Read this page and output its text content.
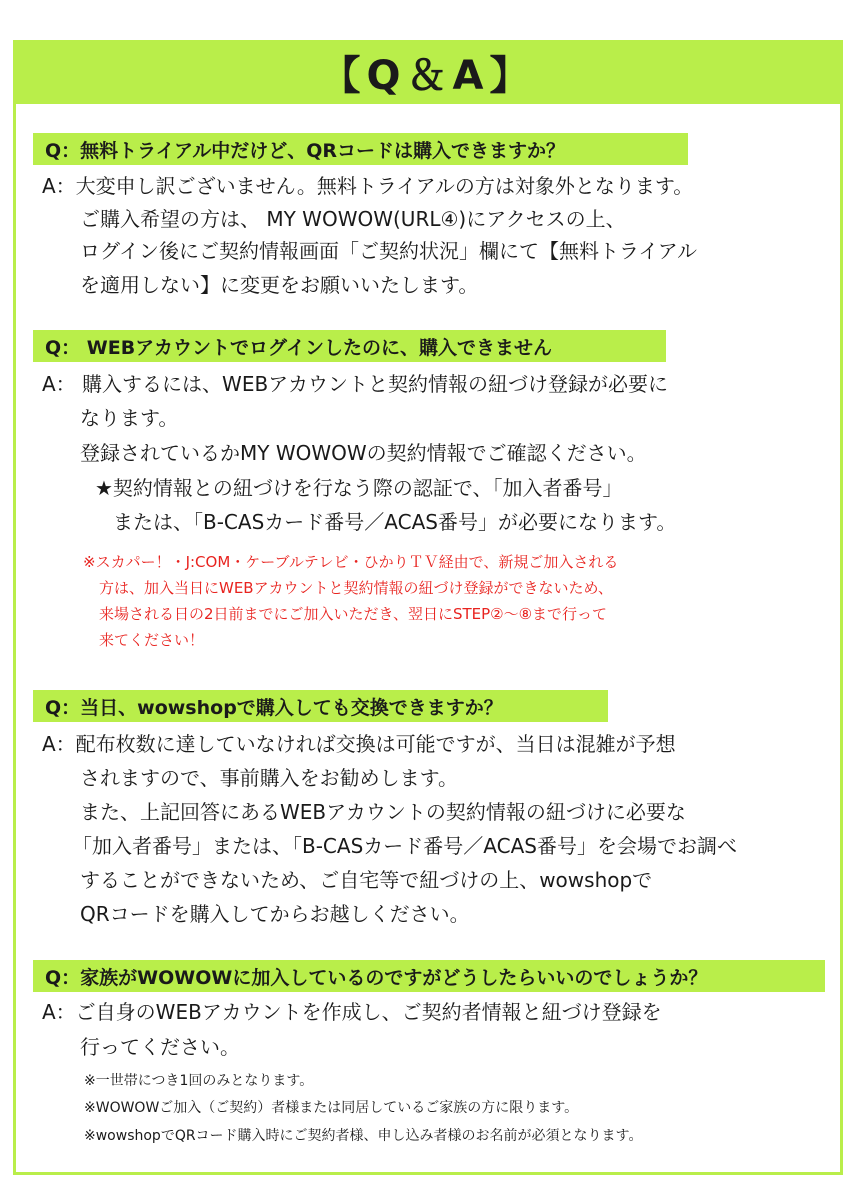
【Q＆A】
Q：無料トライアル中だけど、QRコードは購入できますか？
A：大変申し訳ございません。無料トライアルの方は対象外となります。
ご購入希望の方は、 MY WOWOW(URL④)にアクセスの上、
ログイン後にご契約情報画面「ご契約状況」欄にて【無料トライアル
を適用しない】に変更をお願いいたします。
Q： WEBアカウントでログインしたのに、購入できません
A： 購入するには、WEBアカウントと契約情報の紐づけ登録が必要に
なります。
登録されているかMY WOWOWの契約情報でご確認ください。
★契約情報との紐づけを行なう際の認証で、「加入者番号」
または、「B-CASカード番号／ACAS番号」が必要になります。
※スカパー！・J:COM・ケーブルテレビ・ひかりＴＶ経由で、新規ご加入される
方は、加入当日にWEBアカウントと契約情報の紐づけ登録ができないため、
来場される日の2日前までにご加入いただき、翌日にSTEP②〜⑧まで行って
来てください！
Q：当日、wowshopで購入しても交換できますか？
A：配布枚数に達していなければ交換は可能ですが、当日は混雑が予想
されますので、事前購入をお勧めします。
また、上記回答にあるWEBアカウントの契約情報の紐づけに必要な
「加入者番号」または、「B-CASカード番号／ACAS番号」を会場でお調べ
することができないため、ご自宅等で紐づけの上、wowshopで
QRコードを購入してからお越しください。
Q：家族がWOWOWに加入しているのですがどうしたらいいのでしょうか？
A：ご自身のWEBアカウントを作成し、ご契約者情報と紐づけ登録を
行ってください。
※一世帯につき1回のみとなります。
※WOWOWご加入（ご契約）者様または同居しているご家族の方に限ります。
※wowshopでQRコード購入時にご契約者様、申し込み者様のお名前が必須となります。
